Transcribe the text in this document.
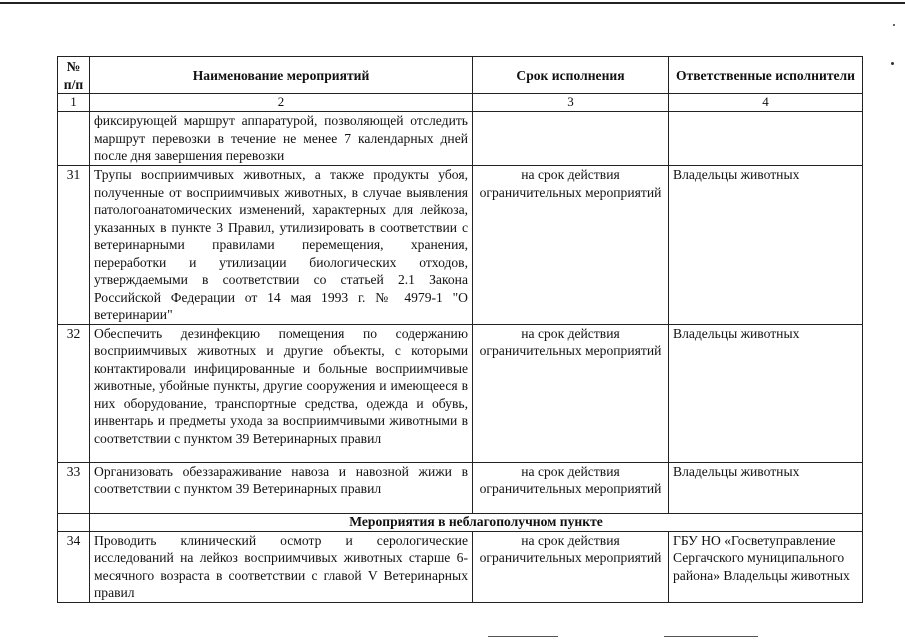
№ п/п	Наименование мероприятий	Срок исполнения	Ответственные исполнители
1	2	3	4
	фиксирующей маршрут аппаратурой, позволяющей отследить маршрут перевозки в течение не менее 7 календарных дней после дня завершения перевозки		
31	Трупы восприимчивых животных, а также продукты убоя, полученные от восприимчивых животных, в случае выявления патологоанатомических изменений, характерных для лейкоза, указанных в пункте 3 Правил, утилизировать в соответствии с ветеринарными правилами перемещения, хранения, переработки и утилизации биологических отходов, утверждаемыми в соответствии со статьей 2.1 Закона Российской Федерации от 14 мая 1993 г. № 4979-1 "О ветеринарии"	на срок действия ограничительных мероприятий	Владельцы животных
32	Обеспечить дезинфекцию помещения по содержанию восприимчивых животных и другие объекты, с которыми контактировали инфицированные и больные восприимчивые животные, убойные пункты, другие сооружения и имеющееся в них оборудование, транспортные средства, одежда и обувь, инвентарь и предметы ухода за восприимчивыми животными в соответствии с пунктом 39 Ветеринарных правил	на срок действия ограничительных мероприятий	Владельцы животных
33	Организовать обеззараживание навоза и навозной жижи в соответствии с пунктом 39 Ветеринарных правил	на срок действия ограничительных мероприятий	Владельцы животных
	Мероприятия в неблагополучном пункте		

34	Проводить клинический осмотр и серологические исследований на лейкоз восприимчивых животных старше 6-месячного возраста в соответствии с главой V Ветеринарных правил	на срок действия ограничительных мероприятий	ГБУ НО «Госветуправление Сергачского муниципального района» Владельцы животных
